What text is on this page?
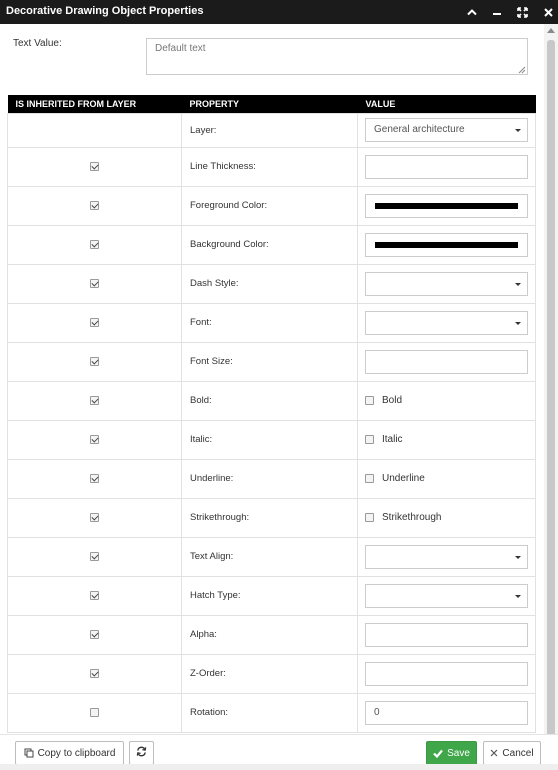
Decorative Drawing Object Properties
Text Value:
Default text
IS INHERITED FROM LAYER	PROPERTY	VALUE
	Layer:	General architecture

	Line Thickness:	

	Foreground Color:	

	Background Color:	

	Dash Style:	

	Font:	

	Font Size:	

	Bold:	Bold

	Italic:	Italic

	Underline:	Underline

	Strikethrough:	Strikethrough

	Text Align:	

	Hatch Type:	

	Alpha:	

	Z-Order:	

	Rotation:	0
Copy to clipboard	Save	Cancel
